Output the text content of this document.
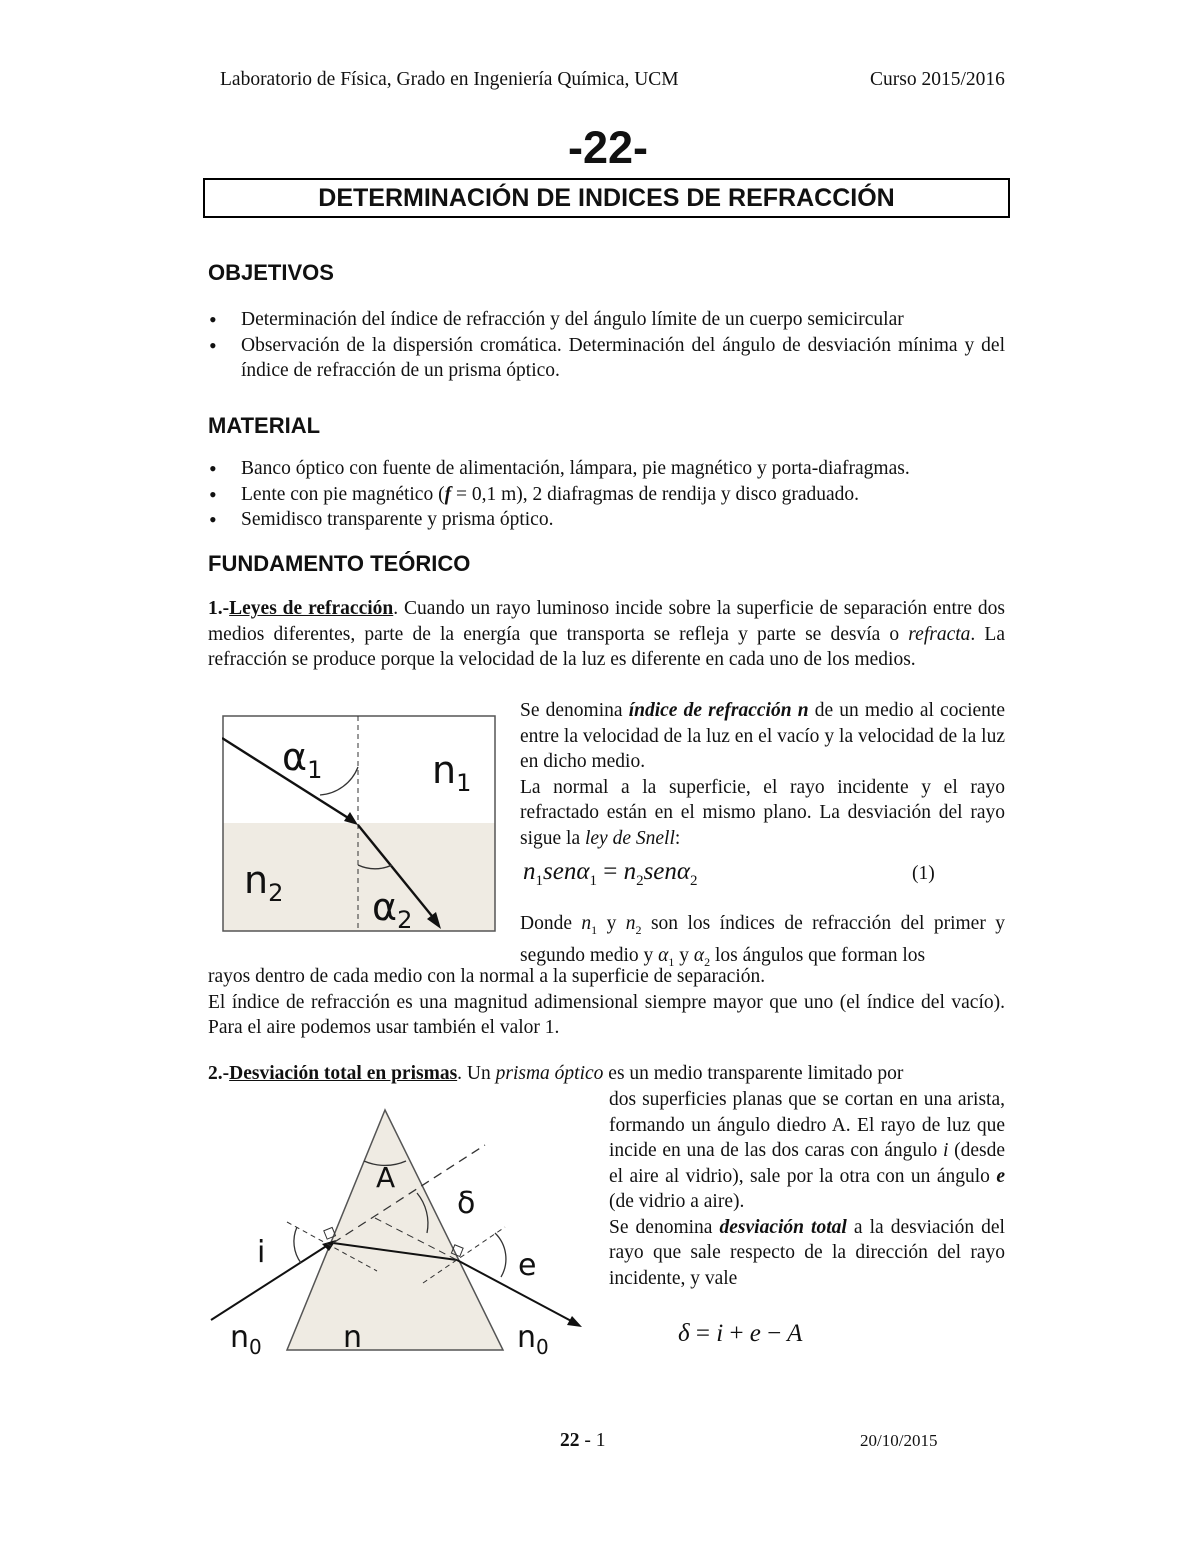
Laboratorio de Física, Grado en Ingeniería Química, UCM	Curso 2015/2016
-22-
DETERMINACIÓN DE INDICES DE REFRACCIÓN
OBJETIVOS
• Determinación del índice de refracción y del ángulo límite de un cuerpo semicircular
• Observación de la dispersión cromática. Determinación del ángulo de desviación mínima y del índice de refracción de un prisma óptico.
MATERIAL
• Banco óptico con fuente de alimentación, lámpara, pie magnético y porta-diafragmas.
• Lente con pie magnético (f = 0,1 m), 2 diafragmas de rendija y disco graduado.
• Semidisco transparente y prisma óptico.
FUNDAMENTO TEÓRICO
1.-Leyes de refracción. Cuando un rayo luminoso incide sobre la superficie de separación entre dos medios diferentes, parte de la energía que transporta se refleja y parte se desvía o refracta. La refracción se produce porque la velocidad de la luz es diferente en cada uno de los medios.
$\alpha_1$	$n_1$
$n_2$ $\alpha_2$
Se denomina índice de refracción n de un medio al cociente entre la velocidad de la luz en el vacío y la velocidad de la luz en dicho medio.
La normal a la superficie, el rayo incidente y el rayo refractado están en el mismo plano. La desviación del rayo sigue la ley de Snell:
$n_1sen\alpha_1 = n_2sen\alpha_2$	(1)
Donde $n_1$ y $n_2$ son los índices de refracción del primer y segundo medio y $\alpha_1$ y $\alpha_2$ los ángulos que forman los
rayos dentro de cada medio con la normal a la superficie de separación.
El índice de refracción es una magnitud adimensional siempre mayor que uno (el índice del vacío). Para el aire podemos usar también el valor 1.
2.-Desviación total en prismas. Un prisma óptico es un medio transparente limitado por
dos superficies planas que se cortan en una arista, formando un ángulo diedro A. El rayo de luz que incide en una de las dos caras con ángulo i (desde el aire al vidrio), sale por la otra con un ángulo e (de vidrio a aire).
Se denomina desviación total a la desviación del rayo que sale respecto de la dirección del rayo incidente, y vale
δ = i + e − A
A
δ
i	e
$n_0$	n	$n_0$
22 - 1	20/10/2015
